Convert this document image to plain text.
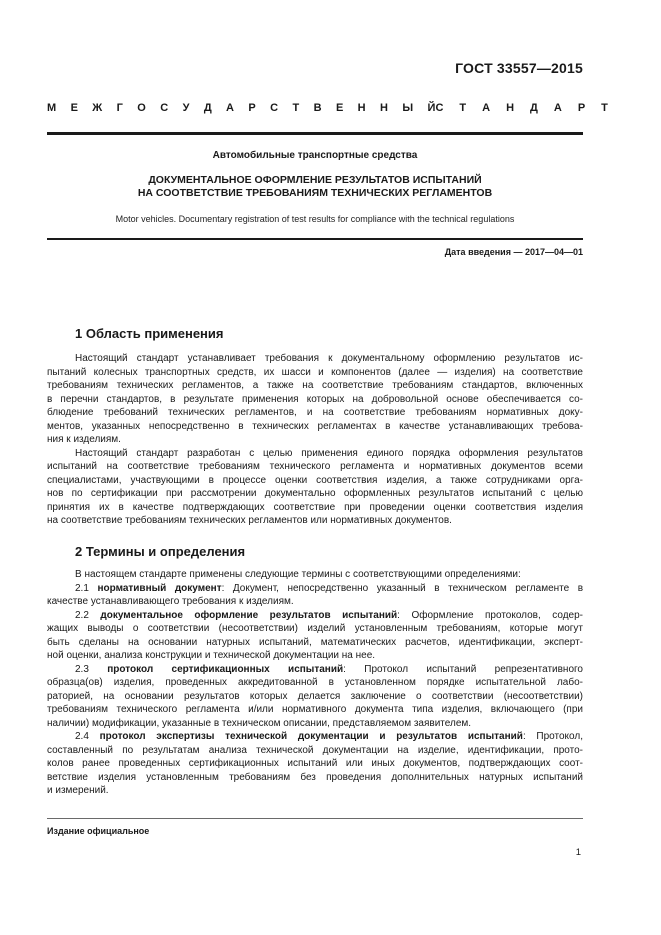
ГОСТ 33557—2015
М Е Ж Г О С У Д А Р С Т В Е Н Н Ы Й С Т А Н Д А Р Т
Автомобильные транспортные средства
ДОКУМЕНТАЛЬНОЕ ОФОРМЛЕНИЕ РЕЗУЛЬТАТОВ ИСПЫТАНИЙ
НА СООТВЕТСТВИЕ ТРЕБОВАНИЯМ ТЕХНИЧЕСКИХ РЕГЛАМЕНТОВ
Motor vehicles. Documentary registration of test results for compliance with the technical regulations
Дата введения — 2017—04—01
1 Область применения
Настоящий стандарт устанавливает требования к документальному оформлению результатов ис-
пытаний колесных транспортных средств, их шасси и компонентов (далее — изделия) на соответствие
требованиям технических регламентов, а также на соответствие требованиям стандартов, включенных
в перечни стандартов, в результате применения которых на добровольной основе обеспечивается со-
блюдение требований технических регламентов, и на соответствие требованиям нормативных доку-
ментов, указанных непосредственно в технических регламентах в качестве устанавливающих требова-
ния к изделиям.
Настоящий стандарт разработан с целью применения единого порядка оформления результатов
испытаний на соответствие требованиям технического регламента и нормативных документов всеми
специалистами, участвующими в процессе оценки соответствия изделия, а также сотрудниками орга-
нов по сертификации при рассмотрении документально оформленных результатов испытаний с целью
принятия их в качестве подтверждающих соответствие при проведении оценки соответствия изделия
на соответствие требованиям технических регламентов или нормативных документов.
2 Термины и определения
В настоящем стандарте применены следующие термины с соответствующими определениями:
2.1 нормативный документ: Документ, непосредственно указанный в техническом регламенте в
качестве устанавливающего требования к изделиям.
2.2 документальное оформление результатов испытаний: Оформление протоколов, содер-
жащих выводы о соответствии (несоответствии) изделий установленным требованиям, которые могут
быть сделаны на основании натурных испытаний, математических расчетов, идентификации, эксперт-
ной оценки, анализа конструкции и технической документации на нее.
2.3 протокол сертификационных испытаний: Протокол испытаний репрезентативного
образца(ов) изделия, проведенных аккредитованной в установленном порядке испытательной лабо-
раторией, на основании результатов которых делается заключение о соответствии (несоответствии)
требованиям технического регламента и/или нормативного документа типа изделия, включающего (при
наличии) модификации, указанные в техническом описании, представляемом заявителем.
2.4 протокол экспертизы технической документации и результатов испытаний: Протокол,
составленный по результатам анализа технической документации на изделие, идентификации, прото-
колов ранее проведенных сертификационных испытаний или иных документов, подтверждающих соот-
ветствие изделия установленным требованиям без проведения дополнительных натурных испытаний
и измерений.
Издание официальное
1
